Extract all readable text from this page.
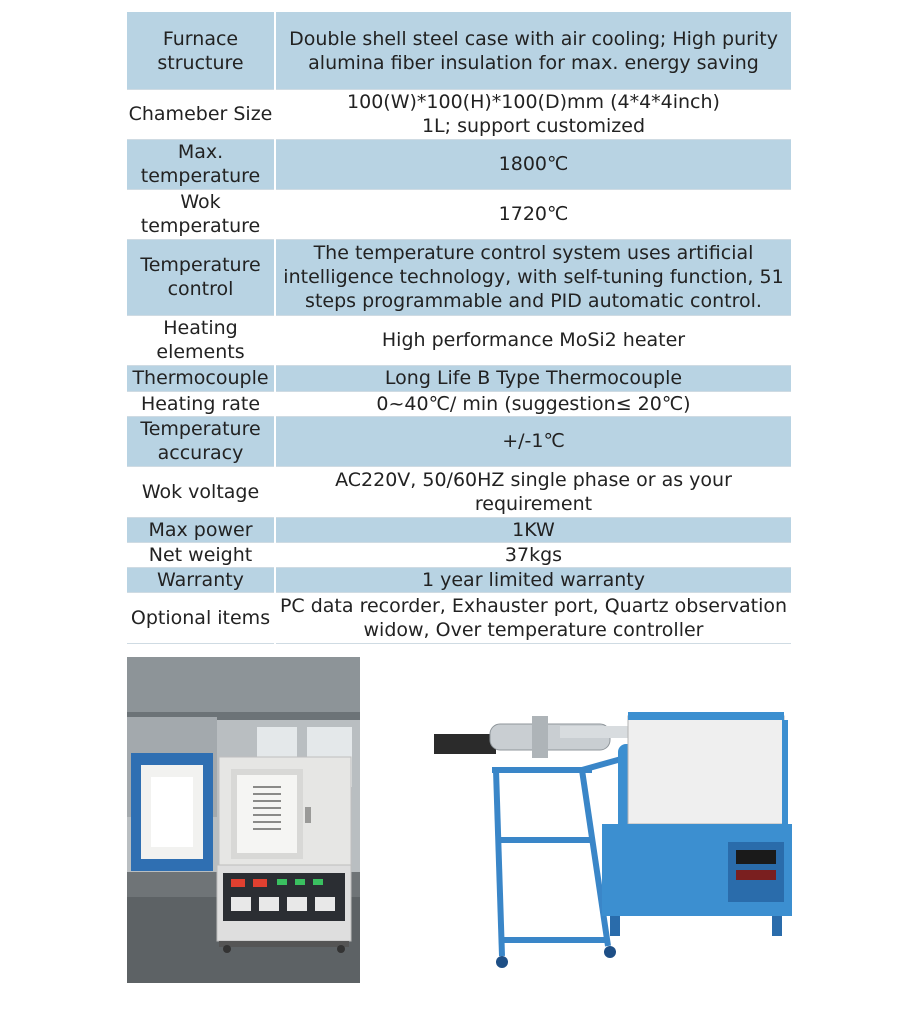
Furnace structure	Double shell steel case with air cooling; High purity alumina fiber insulation for max. energy saving
Chameber Size	100(W)*100(H)*100(D)mm (4*4*4inch) 1L; support customized
Max. temperature	1800℃
Wok temperature	1720℃
Temperature control	The temperature control system uses artificial intelligence technology, with self-tuning function, 51 steps programmable and PID automatic control.
Heating elements	High performance MoSi2 heater
Thermocouple	Long Life B Type Thermocouple
Heating rate	0~40℃/ min (suggestion≤ 20℃)
Temperature accuracy	+/-1℃
Wok voltage	AC220V, 50/60HZ single phase or as your requirement
Max power	1KW
Net weight	37kgs
Warranty	1 year limited warranty
Optional items	PC data recorder, Exhauster port, Quartz observation widow, Over temperature controller
